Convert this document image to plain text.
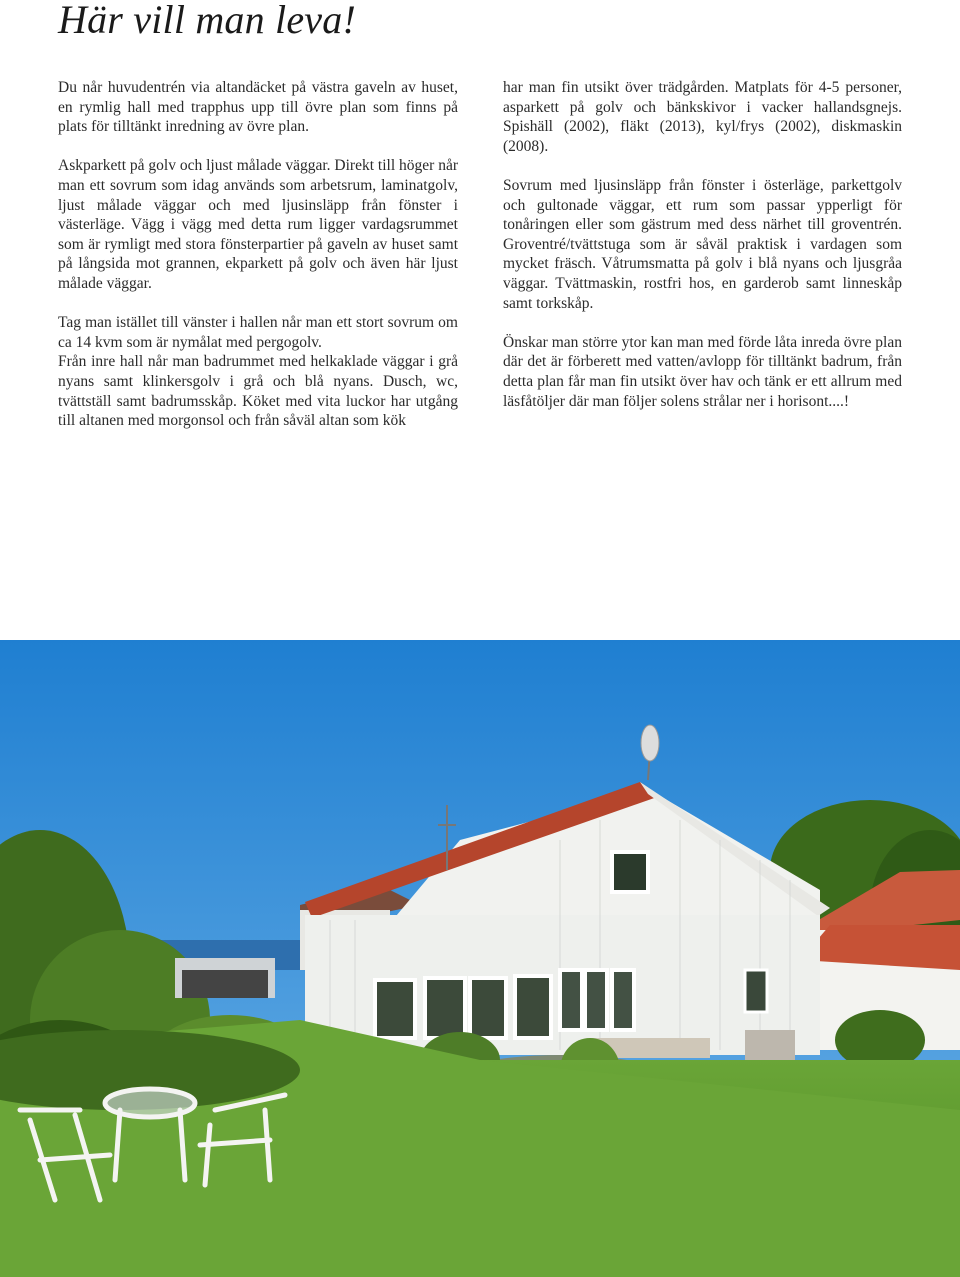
Här vill man leva!

Du når huvudentrén via altandäcket på västra gaveln av huset, en rymlig hall med trapphus upp till övre plan som finns på plats för tilltänkt inredning av övre plan.

Askparkett på golv och ljust målade väggar. Direkt till höger når man ett sovrum som idag används som arbetsrum, laminatgolv, ljust målade väggar och med ljusinsläpp från fönster i västerläge. Vägg i vägg med detta rum ligger vardagsrummet som är rymligt med stora fönsterpartier på gaveln av huset samt på långsida mot grannen, ekparkett på golv och även här ljust målade väggar.

Tag man istället till vänster i hallen når man ett stort sovrum om ca 14 kvm som är nymålat med pergogolv.

Från inre hall når man badrummet med helkaklade väggar i grå nyans samt klinkersgolv i grå och blå nyans. Dusch, wc, tvättställ samt badrumsskåp. Köket med vita luckor har utgång till altanen med morgonsol och från såväl altan som kök

har man fin utsikt över trädgården. Matplats för 4-5 personer, asparkett på golv och bänkskivor i vacker hallandsgnejs. Spishäll (2002), fläkt (2013), kyl/frys (2002), diskmaskin (2008).

Sovrum med ljusinsläpp från fönster i österläge, parkettgolv och gultonade väggar, ett rum som passar ypperligt för tonåringen eller som gästrum med dess närhet till groventrén. Groventré/tvättstuga som är såväl praktisk i vardagen som mycket fräsch. Våtrumsmatta på golv i blå nyans och ljusgråa väggar. Tvättmaskin, rostfri hos, en garderob samt linneskåp samt torkskåp.

Önskar man större ytor kan man med förde låta inreda övre plan där det är förberett med vatten/avlopp för tilltänkt badrum, från detta plan får man fin utsikt över hav och tänk er ett allrum med läsfåtöljer där man följer solens strålar ner i horisont....!
